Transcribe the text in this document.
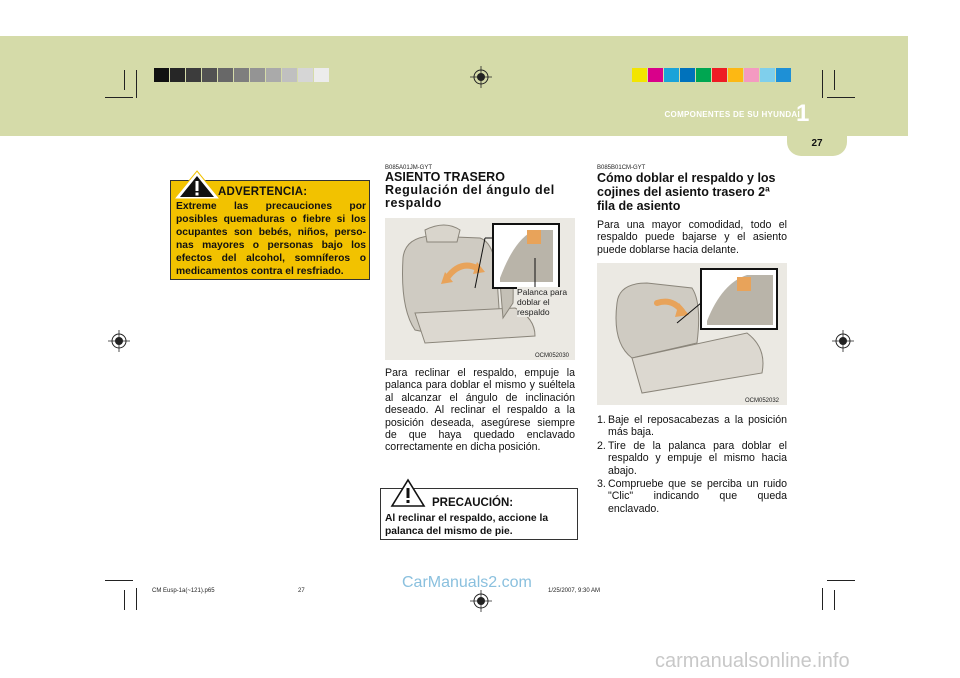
COMPONENTES DE SU HYUNDAI
1
27
ADVERTENCIA:
Extreme las precauciones por posibles quemaduras o fiebre si los ocupantes son bebés, niños, perso-nas mayores o personas bajo los efectos del alcohol, somníferos o medicamentos contra el resfriado.
B085A01JM-GYT
ASIENTO TRASERO
Regulación del ángulo del respaldo
OCM052030
Palanca para doblar el respaldo
Para reclinar el respaldo, empuje la palanca para doblar el mismo y suéltela al alcanzar el ángulo de inclinación deseado. Al reclinar el respaldo a la posición deseada, asegúrese siempre de que haya quedado enclavado correctamente en dicha posición.
PRECAUCIÓN:
Al reclinar el respaldo, accione la palanca del mismo de pie.
B085B01CM-GYT
Cómo doblar el respaldo y los cojines del asiento trasero 2ª fila de asiento
Para una mayor comodidad, todo el respaldo puede bajarse y el asiento puede doblarse hacia delante.
OCM052032
1. Baje el reposacabezas a la posición más baja.
2. Tire de la palanca para doblar el respaldo y empuje el mismo hacia abajo.
3. Compruebe que se perciba un ruido "Clic" indicando que queda enclavado.
CM Eusp-1a(~121).p65	27	1/25/2007, 9:30 AM
CarManuals2.com
carmanualsonline.info
